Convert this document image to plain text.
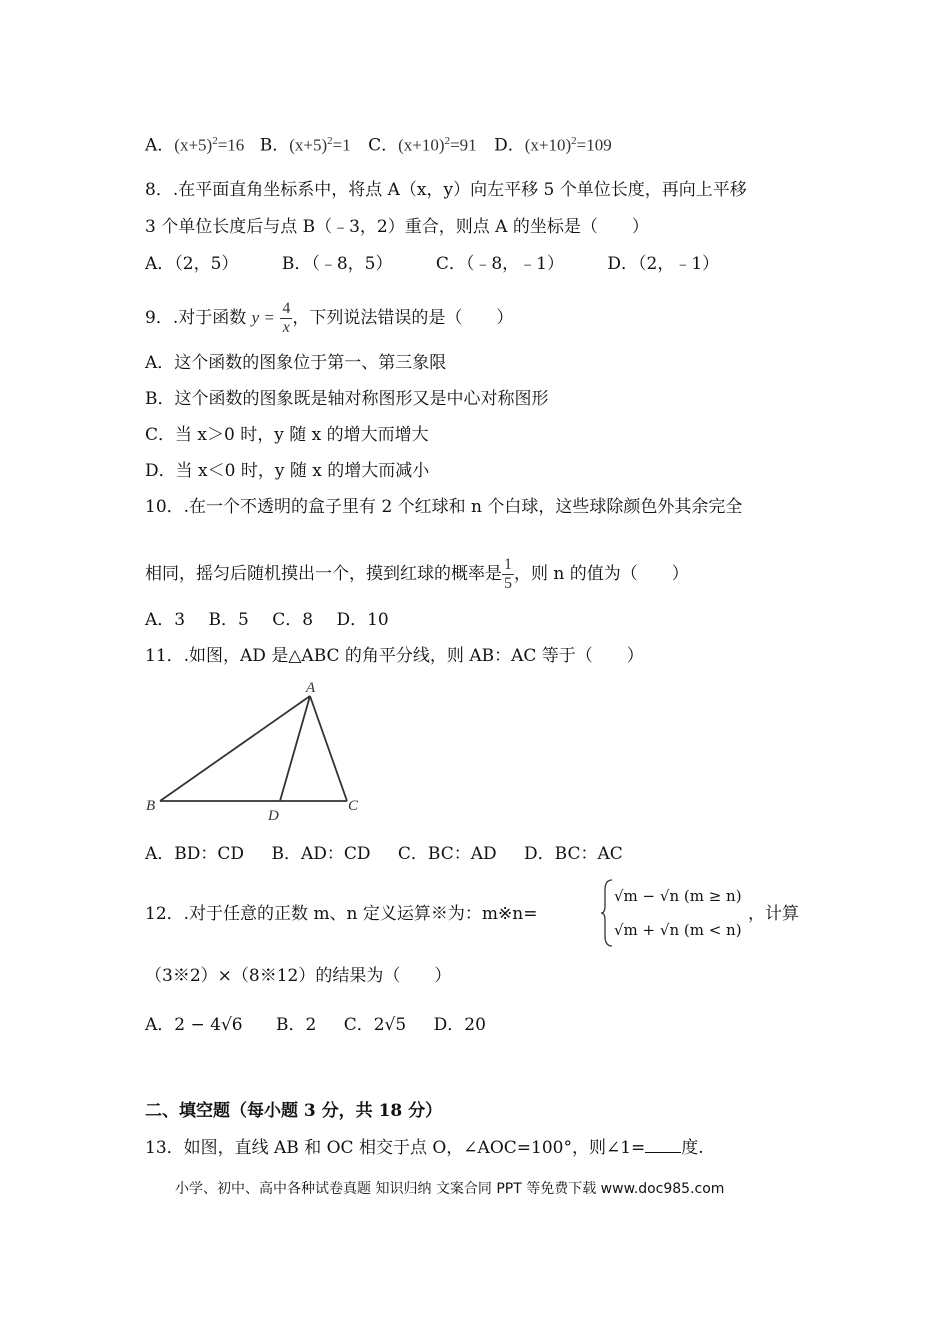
A．$(x+5)^2=16$ B．$(x+5)^2=1$ C．$(x+10)^2=91$ D．$(x+10)^2=109$
8．.在平面直角坐标系中，将点 A（x，y）向左平移 5 个单位长度，再向上平移
3 个单位长度后与点 B（﹣3，2）重合，则点 A 的坐标是（　　）
A．（2，5）	B．（﹣8，5）	C．（﹣8，﹣1）	D．（2，﹣1）
9．.对于函数 $y = \frac{4}{x}$ ，下列说法错误的是（　　）
A．这个函数的图象位于第一、第三象限
B．这个函数的图象既是轴对称图形又是中心对称图形
C．当 x＞0 时，y 随 x 的增大而增大
D．当 x＜0 时，y 随 x 的增大而减小
10．.在一个不透明的盒子里有 2 个红球和 n 个白球，这些球除颜色外其余完全
相同，摇匀后随机摸出一个，摸到红球的概率是 $\frac{1}{5}$ ，则 n 的值为（　　）
A．3 B．5 C．8 D．10
11．.如图，AD 是△ABC 的角平分线，则 AB：AC 等于（　　）
A
B	C
D
A．BD：CD B．AD：CD C．BC：AD D．BC：AC
12．.对于任意的正数 m、n 定义运算※为：m※n=
√m − √n (m ≥ n)
√m + √n (m < n)
，计算
（3※2）×（8※12）的结果为（　　）
A．2 − 4√6 B．2 C．2√5 D．20
二、填空题（每小题 3 分，共 18 分）
13．如图，直线 AB 和 OC 相交于点 O，∠AOC=100°，则∠1= 度.
小学、初中、高中各种试卷真题 知识归纳 文案合同 PPT 等免费下载 www.doc985.com
